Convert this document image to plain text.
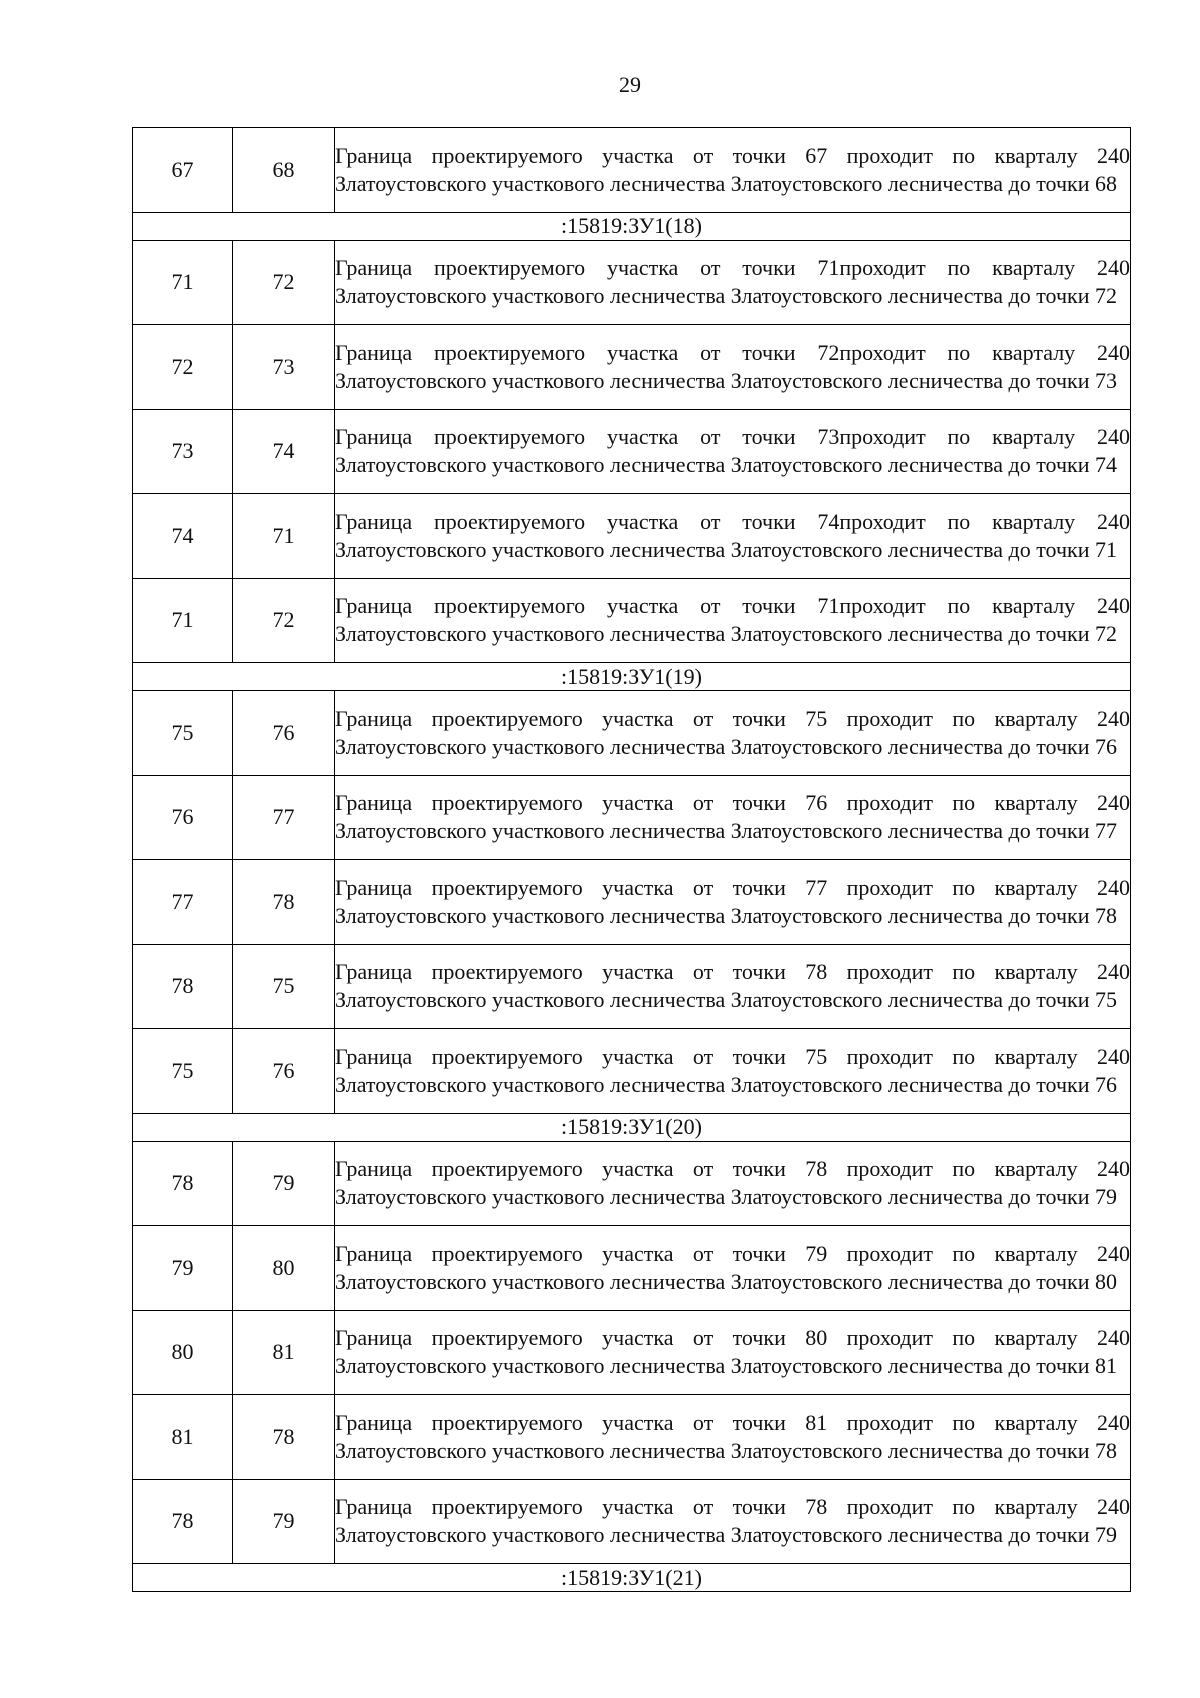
29
67	68	Граница проектируемого участка от точки 67 проходит по кварталу 240 Златоустовского участкового лесничества Златоустовского лесничества до точки 68
:15819:ЗУ1(18)		
71	72	Граница проектируемого участка от точки 71проходит по кварталу 240 Златоустовского участкового лесничества Златоустовского лесничества до точки 72
72	73	Граница проектируемого участка от точки 72проходит по кварталу 240 Златоустовского участкового лесничества Златоустовского лесничества до точки 73
73	74	Граница проектируемого участка от точки 73проходит по кварталу 240 Златоустовского участкового лесничества Златоустовского лесничества до точки 74
74	71	Граница проектируемого участка от точки 74проходит по кварталу 240 Златоустовского участкового лесничества Златоустовского лесничества до точки 71
71	72	Граница проектируемого участка от точки 71проходит по кварталу 240 Златоустовского участкового лесничества Златоустовского лесничества до точки 72
:15819:ЗУ1(19)		
75	76	Граница проектируемого участка от точки 75 проходит по кварталу 240 Златоустовского участкового лесничества Златоустовского лесничества до точки 76
76	77	Граница проектируемого участка от точки 76 проходит по кварталу 240 Златоустовского участкового лесничества Златоустовского лесничества до точки 77
77	78	Граница проектируемого участка от точки 77 проходит по кварталу 240 Златоустовского участкового лесничества Златоустовского лесничества до точки 78
78	75	Граница проектируемого участка от точки 78 проходит по кварталу 240 Златоустовского участкового лесничества Златоустовского лесничества до точки 75
75	76	Граница проектируемого участка от точки 75 проходит по кварталу 240 Златоустовского участкового лесничества Златоустовского лесничества до точки 76
:15819:ЗУ1(20)		
78	79	Граница проектируемого участка от точки 78 проходит по кварталу 240 Златоустовского участкового лесничества Златоустовского лесничества до точки 79
79	80	Граница проектируемого участка от точки 79 проходит по кварталу 240 Златоустовского участкового лесничества Златоустовского лесничества до точки 80
80	81	Граница проектируемого участка от точки 80 проходит по кварталу 240 Златоустовского участкового лесничества Златоустовского лесничества до точки 81
81	78	Граница проектируемого участка от точки 81 проходит по кварталу 240 Златоустовского участкового лесничества Златоустовского лесничества до точки 78
78	79	Граница проектируемого участка от точки 78 проходит по кварталу 240 Златоустовского участкового лесничества Златоустовского лесничества до точки 79
:15819:ЗУ1(21)		
